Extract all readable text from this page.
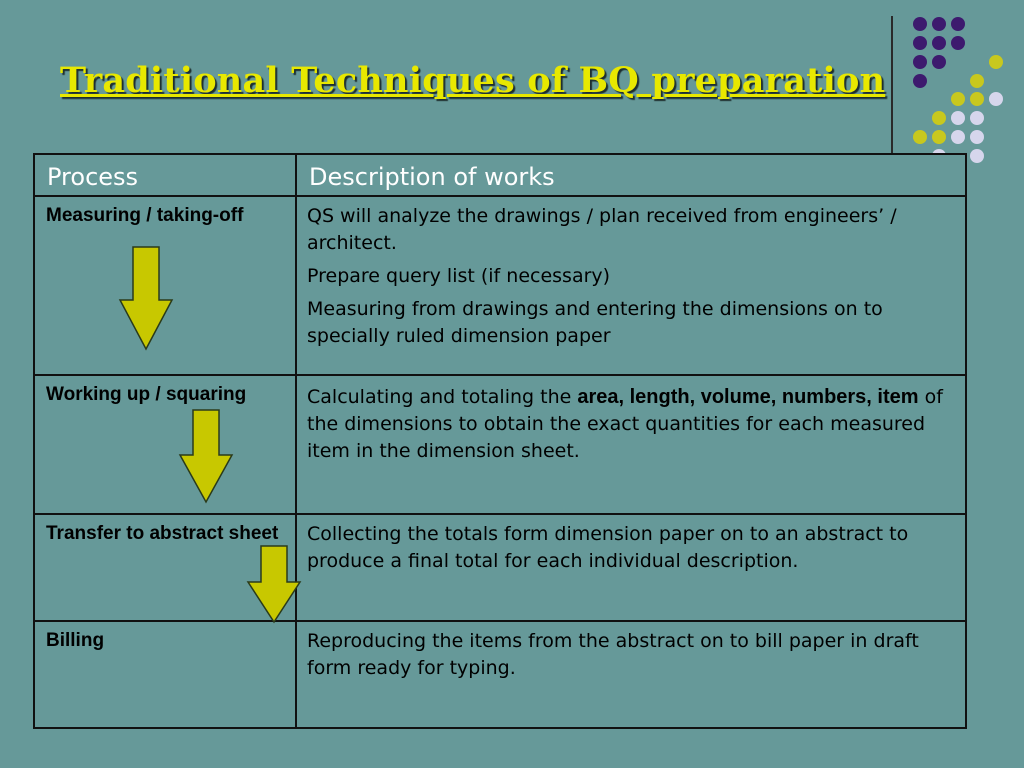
Traditional Techniques of BQ preparation
Process	Description of works
Measuring / taking-off	QS will analyze the drawings / plan received from engineers’ / architect.

Prepare query list (if necessary)

Measuring from drawings and entering the dimensions on to specially ruled dimension paper

Working up / squaring	Calculating and totaling the area, length, volume, numbers, item of the dimensions to obtain the exact quantities for each measured item in the dimension sheet.

Transfer to abstract sheet	Collecting the totals form dimension paper on to an abstract to produce a final total for each individual description.

Billing	Reproducing the items from the abstract on to bill paper in draft form ready for typing.
